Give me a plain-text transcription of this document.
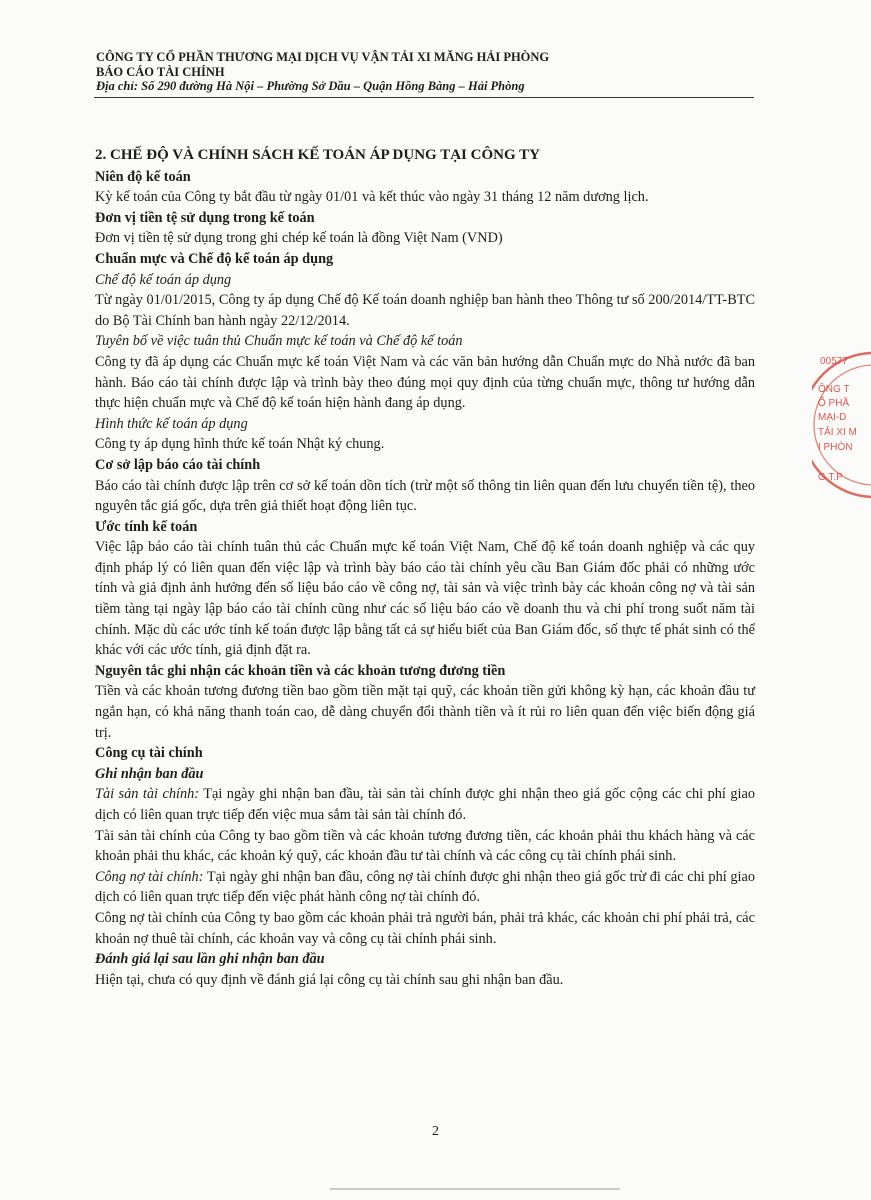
CÔNG TY CỔ PHẦN THƯƠNG MẠI DỊCH VỤ VẬN TẢI XI MĂNG HẢI PHÒNG
BÁO CÁO TÀI CHÍNH
Địa chỉ: Số 290 đường Hà Nội – Phường Sở Dầu – Quận Hồng Bàng – Hải Phòng

2. CHẾ ĐỘ VÀ CHÍNH SÁCH KẾ TOÁN ÁP DỤNG TẠI CÔNG TY

Niên độ kế toán

Kỳ kế toán của Công ty bắt đầu từ ngày 01/01 và kết thúc vào ngày 31 tháng 12 năm dương lịch.

Đơn vị tiền tệ sử dụng trong kế toán

Đơn vị tiền tệ sử dụng trong ghi chép kế toán là đồng Việt Nam (VND)

Chuẩn mực và Chế độ kế toán áp dụng

Chế độ kế toán áp dụng

Từ ngày 01/01/2015, Công ty áp dụng Chế độ Kế toán doanh nghiệp ban hành theo Thông tư số 200/2014/TT-BTC do Bộ Tài Chính ban hành ngày 22/12/2014.

Tuyên bố về việc tuân thủ Chuẩn mực kế toán và Chế độ kế toán

Công ty đã áp dụng các Chuẩn mực kế toán Việt Nam và các văn bản hướng dẫn Chuẩn mực do Nhà nước đã ban hành. Báo cáo tài chính được lập và trình bày theo đúng mọi quy định của từng chuẩn mực, thông tư hướng dẫn thực hiện chuẩn mực và Chế độ kế toán hiện hành đang áp dụng.

Hình thức kế toán áp dụng

Công ty áp dụng hình thức kế toán Nhật ký chung.

Cơ sở lập báo cáo tài chính

Báo cáo tài chính được lập trên cơ sở kế toán dồn tích (trừ một số thông tin liên quan đến lưu chuyển tiền tệ), theo nguyên tắc giá gốc, dựa trên giả thiết hoạt động liên tục.

Ước tính kế toán

Việc lập báo cáo tài chính tuân thủ các Chuẩn mực kế toán Việt Nam, Chế độ kế toán doanh nghiệp và các quy định pháp lý có liên quan đến việc lập và trình bày báo cáo tài chính yêu cầu Ban Giám đốc phải có những ước tính và giả định ảnh hưởng đến số liệu báo cáo về công nợ, tài sản và việc trình bày các khoản công nợ và tài sản tiềm tàng tại ngày lập báo cáo tài chính cũng như các số liệu báo cáo về doanh thu và chi phí trong suốt năm tài chính. Mặc dù các ước tính kế toán được lập bằng tất cả sự hiểu biết của Ban Giám đốc, số thực tế phát sinh có thể khác với các ước tính, giả định đặt ra.

Nguyên tắc ghi nhận các khoản tiền và các khoản tương đương tiền

Tiền và các khoản tương đương tiền bao gồm tiền mặt tại quỹ, các khoản tiền gửi không kỳ hạn, các khoản đầu tư ngắn hạn, có khả năng thanh toán cao, dễ dàng chuyển đổi thành tiền và ít rủi ro liên quan đến việc biến động giá trị.

Công cụ tài chính

Ghi nhận ban đầu

Tài sản tài chính: Tại ngày ghi nhận ban đầu, tài sản tài chính được ghi nhận theo giá gốc cộng các chi phí giao dịch có liên quan trực tiếp đến việc mua sắm tài sản tài chính đó.

Tài sản tài chính của Công ty bao gồm tiền và các khoản tương đương tiền, các khoản phải thu khách hàng và các khoản phải thu khác, các khoản ký quỹ, các khoản đầu tư tài chính và các công cụ tài chính phái sinh.

Công nợ tài chính: Tại ngày ghi nhận ban đầu, công nợ tài chính được ghi nhận theo giá gốc trừ đi các chi phí giao dịch có liên quan trực tiếp đến việc phát hành công nợ tài chính đó.

Công nợ tài chính của Công ty bao gồm các khoản phải trả người bán, phải trả khác, các khoản chi phí phải trả, các khoản nợ thuê tài chính, các khoản vay và công cụ tài chính phái sinh.

Đánh giá lại sau lần ghi nhận ban đầu

Hiện tại, chưa có quy định về đánh giá lại công cụ tài chính sau ghi nhận ban đầu.

2
00577
ÔNG T
Ổ PHẦ
MẠI-D
TẢI XI M
I PHÒN
G T.P
